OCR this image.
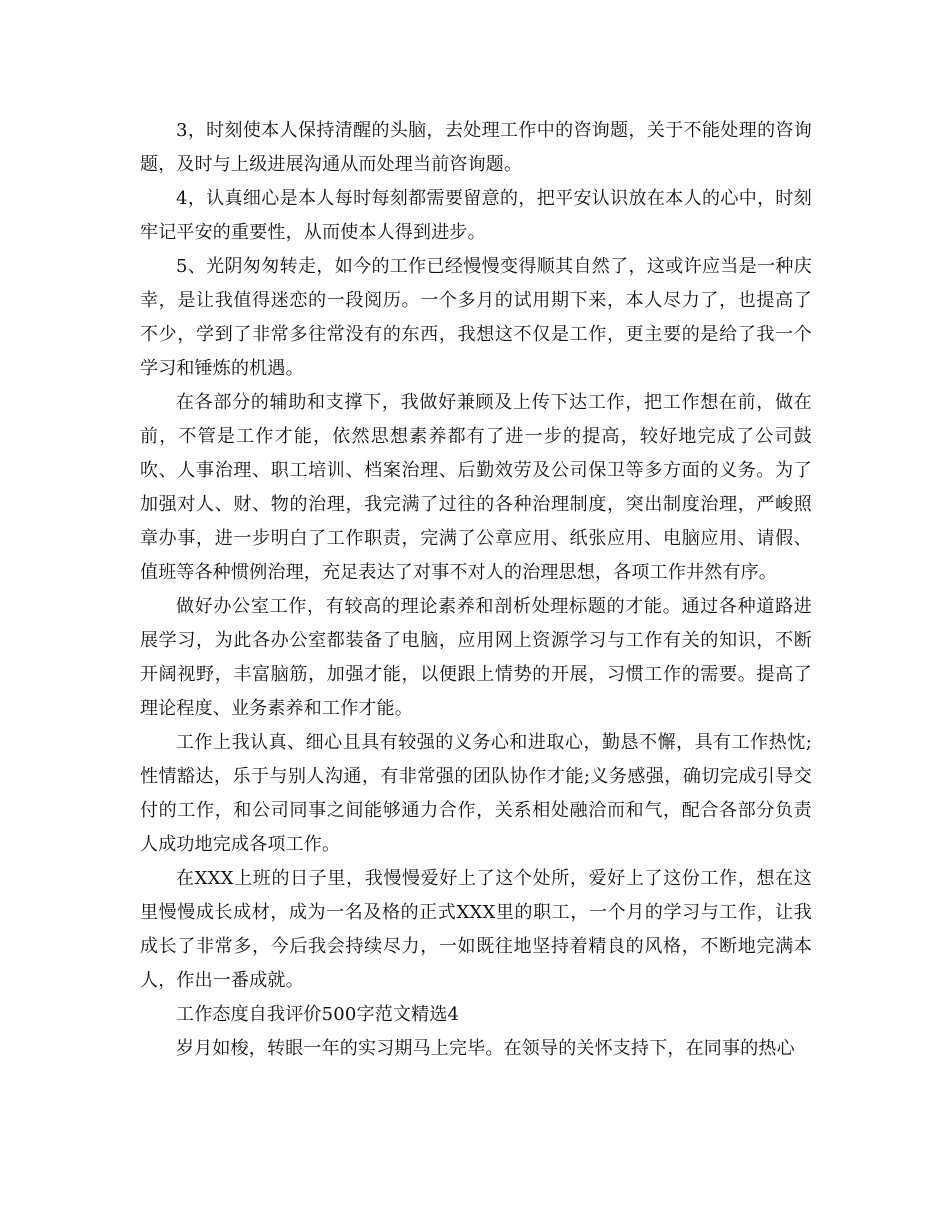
3，时刻使本人保持清醒的头脑，去处理工作中的咨询题，关于不能处理的咨询题，及时与上级进展沟通从而处理当前咨询题。

4，认真细心是本人每时每刻都需要留意的，把平安认识放在本人的心中，时刻牢记平安的重要性，从而使本人得到进步。

5、光阴匆匆转走，如今的工作已经慢慢变得顺其自然了，这或许应当是一种庆幸，是让我值得迷恋的一段阅历。一个多月的试用期下来，本人尽力了，也提高了不少，学到了非常多往常没有的东西，我想这不仅是工作，更主要的是给了我一个学习和锤炼的机遇。

在各部分的辅助和支撑下，我做好兼顾及上传下达工作，把工作想在前，做在前，不管是工作才能，依然思想素养都有了进一步的提高，较好地完成了公司鼓吹、人事治理、职工培训、档案治理、后勤效劳及公司保卫等多方面的义务。为了加强对人、财、物的治理，我完满了过往的各种治理制度，突出制度治理，严峻照章办事，进一步明白了工作职责，完满了公章应用、纸张应用、电脑应用、请假、值班等各种惯例治理，充足表达了对事不对人的治理思想，各项工作井然有序。

做好办公室工作，有较高的理论素养和剖析处理标题的才能。通过各种道路进展学习，为此各办公室都装备了电脑，应用网上资源学习与工作有关的知识，不断开阔视野，丰富脑筋，加强才能，以便跟上情势的开展，习惯工作的需要。提高了理论程度、业务素养和工作才能。

工作上我认真、细心且具有较强的义务心和进取心，勤恳不懈，具有工作热忱;性情豁达，乐于与别人沟通，有非常强的团队协作才能;义务感强，确切完成引导交付的工作，和公司同事之间能够通力合作，关系相处融洽而和气，配合各部分负责人成功地完成各项工作。

在XXX上班的日子里，我慢慢爱好上了这个处所，爱好上了这份工作，想在这里慢慢成长成材，成为一名及格的正式XXX里的职工，一个月的学习与工作，让我成长了非常多，今后我会持续尽力，一如既往地坚持着精良的风格，不断地完满本人，作出一番成就。

工作态度自我评价500字范文精选4

岁月如梭，转眼一年的实习期马上完毕。在领导的关怀支持下，在同事的热心
